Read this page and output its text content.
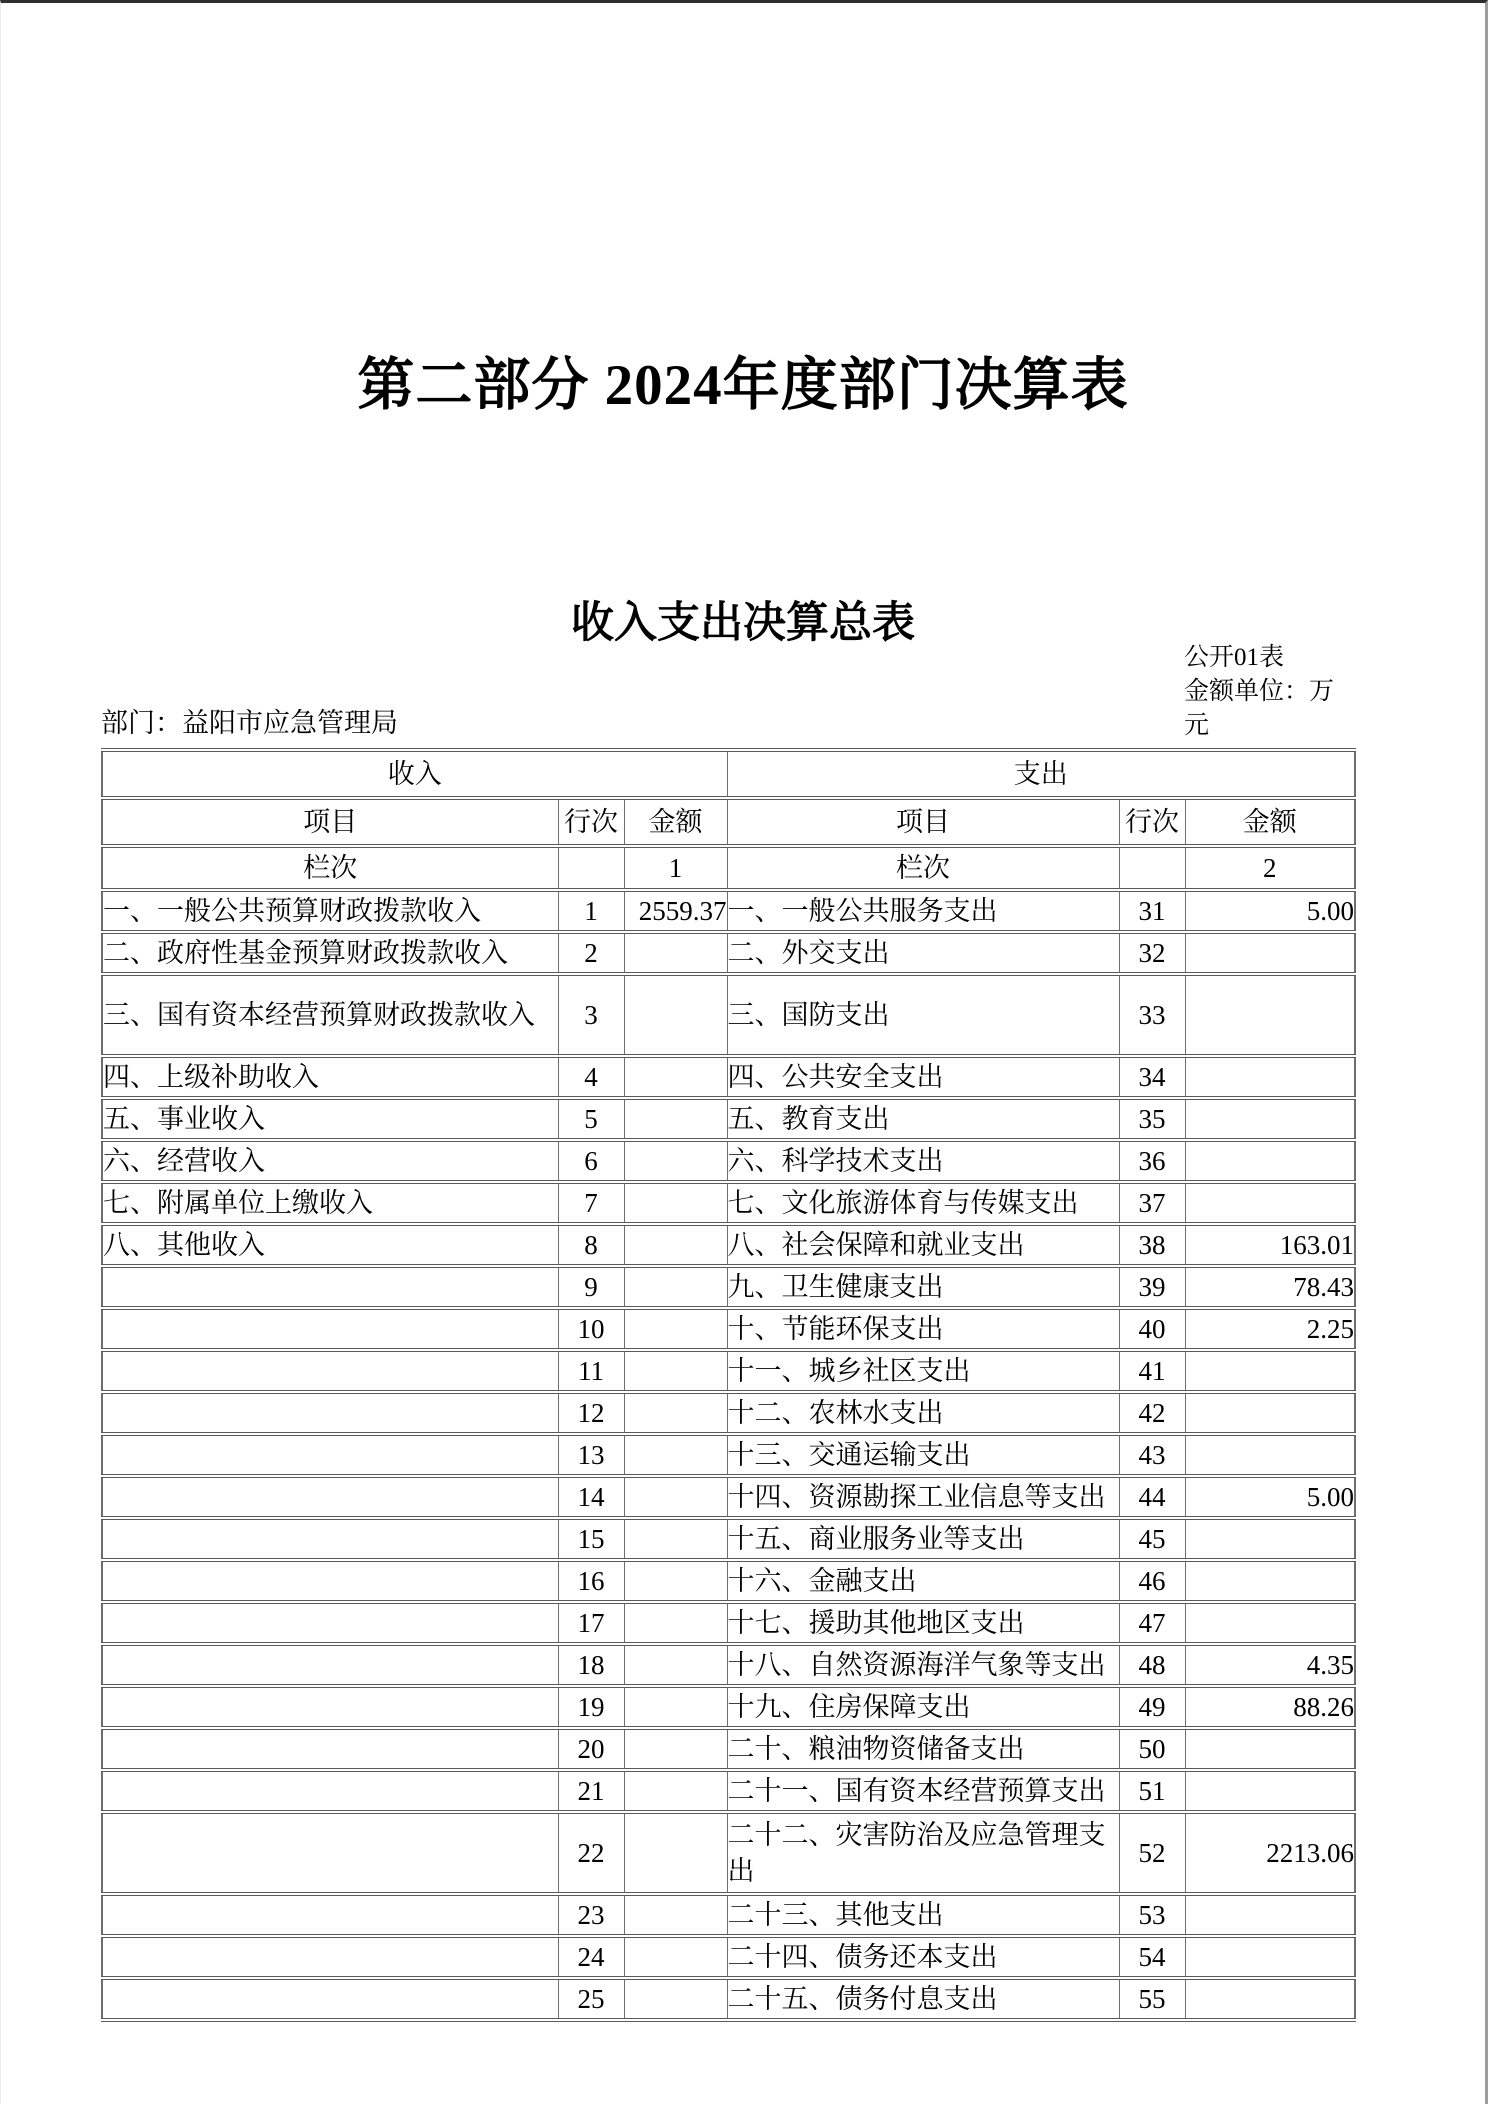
第二部分 2024年度部门决算表
收入支出决算总表
公开01表
金额单位：万元
部门：益阳市应急管理局
收入			支出		
项目	行次	金额	项目	行次	金额
栏次		1	栏次		2
一、一般公共预算财政拨款收入	1	2559.37	一、一般公共服务支出	31	5.00
二、政府性基金预算财政拨款收入	2		二、外交支出	32	
三、国有资本经营预算财政拨款收入	3		三、国防支出	33	
四、上级补助收入	4		四、公共安全支出	34	
五、事业收入	5		五、教育支出	35	
六、经营收入	6		六、科学技术支出	36	
七、附属单位上缴收入	7		七、文化旅游体育与传媒支出	37	
八、其他收入	8		八、社会保障和就业支出	38	163.01
	9		九、卫生健康支出	39	78.43
	10		十、节能环保支出	40	2.25
	11		十一、城乡社区支出	41	
	12		十二、农林水支出	42	
	13		十三、交通运输支出	43	
	14		十四、资源勘探工业信息等支出	44	5.00
	15		十五、商业服务业等支出	45	
	16		十六、金融支出	46	
	17		十七、援助其他地区支出	47	
	18		十八、自然资源海洋气象等支出	48	4.35
	19		十九、住房保障支出	49	88.26
	20		二十、粮油物资储备支出	50	
	21		二十一、国有资本经营预算支出	51	
	22		二十二、灾害防治及应急管理支出	52	2213.06
	23		二十三、其他支出	53	
	24		二十四、债务还本支出	54	
	25		二十五、债务付息支出	55	
